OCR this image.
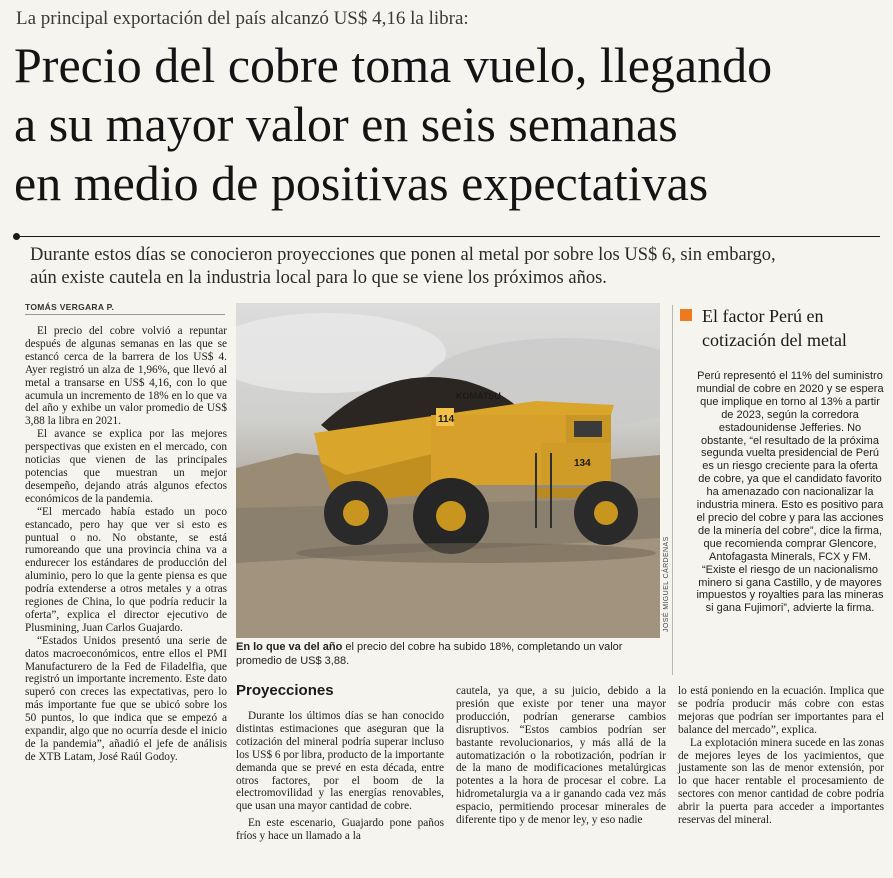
La principal exportación del país alcanzó US$ 4,16 la libra:
Precio del cobre toma vuelo, llegando
a su mayor valor en seis semanas
en medio de positivas expectativas
Durante estos días se conocieron proyecciones que ponen al metal por sobre los US$ 6, sin embargo,
aún existe cautela en la industria local para lo que se viene los próximos años.
TOMÁS VERGARA P.

El precio del cobre volvió a repuntar después de algunas semanas en las que se estancó cerca de la barrera de los US$ 4. Ayer registró un alza de 1,96%, que llevó al metal a transarse en US$ 4,16, con lo que acumula un incremento de 18% en lo que va del año y exhibe un valor promedio de US$ 3,88 la libra en 2021.

El avance se explica por las mejores perspectivas que existen en el mercado, con noticias que vienen de las principales potencias que muestran un mejor desempeño, dejando atrás algunos efectos económicos de la pandemia.

“El mercado había estado un poco estancado, pero hay que ver si esto es puntual o no. No obstante, se está rumoreando que una provincia china va a endurecer los estándares de producción del aluminio, pero lo que la gente piensa es que podría extenderse a otros metales y a otras regiones de China, lo que podría reducir la oferta”, explica el director ejecutivo de Plusmining, Juan Carlos Guajardo.

“Estados Unidos presentó una serie de datos macroeconómicos, entre ellos el PMI Manufacturero de la Fed de Filadelfia, que registró un importante incremento. Este dato superó con creces las expectativas, pero lo más importante fue que se ubicó sobre los 50 puntos, lo que indica que se empezó a expandir, algo que no ocurría desde el inicio de la pandemia”, añadió el jefe de análisis de XTB Latam, José Raúl Godoy.

KOMATSU
114
134
JOSÉ MIGUEL CÁRDENAS
En lo que va del año el precio del cobre ha subido 18%, completando un valor promedio de US$ 3,88.
Proyecciones

Durante los últimos días se han conocido distintas estimaciones que aseguran que la cotización del mineral podría superar incluso los US$ 6 por libra, producto de la importante demanda que se prevé en esta década, entre otros factores, por el boom de la electromovilidad y las energías renovables, que usan una mayor cantidad de cobre.

En este escenario, Guajardo pone paños fríos y hace un llamado a la

cautela, ya que, a su juicio, debido a la presión que existe por tener una mayor producción, podrían generarse cambios disruptivos. “Estos cambios podrían ser bastante revolucionarios, y más allá de la automatización o la robotización, podrían ir de la mano de modificaciones metalúrgicas potentes a la hora de procesar el cobre. La hidrometalurgia va a ir ganando cada vez más espacio, permitiendo procesar minerales de diferente tipo y de menor ley, y eso nadie

lo está poniendo en la ecuación. Implica que se podría producir más cobre con estas mejoras que podrían ser importantes para el balance del mercado”, explica.

La explotación minera sucede en las zonas de mejores leyes de los yacimientos, que justamente son las de menor extensión, por lo que hacer rentable el procesamiento de sectores con menor cantidad de cobre podría abrir la puerta para acceder a importantes reservas del mineral.

El factor Perú en cotización del metal
Perú representó el 11% del suministro mundial de cobre en 2020 y se espera que implique en torno al 13% a partir de 2023, según la corredora estadounidense Jefferies. No obstante, “el resultado de la próxima segunda vuelta presidencial de Perú es un riesgo creciente para la oferta de cobre, ya que el candidato favorito ha amenazado con nacionalizar la industria minera. Esto es positivo para el precio del cobre y para las acciones de la minería del cobre”, dice la firma, que recomienda comprar Glencore, Antofagasta Minerals, FCX y FM. “Existe el riesgo de un nacionalismo minero si gana Castillo, y de mayores impuestos y royalties para las mineras si gana Fujimori”, advierte la firma.
